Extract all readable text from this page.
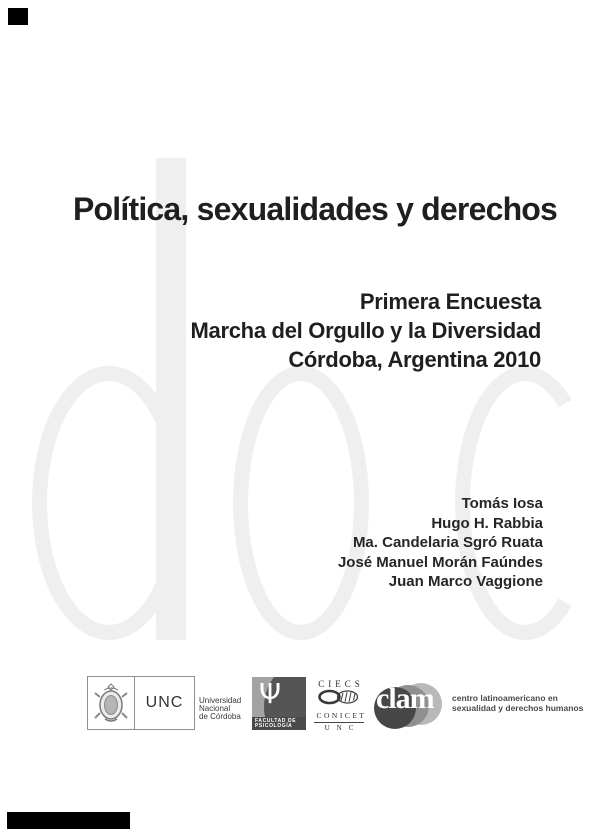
Política, sexualidades y derechos
Primera Encuesta
Marcha del Orgullo y la Diversidad
Córdoba, Argentina 2010
Tomás Iosa
Hugo H. Rabbia
Ma. Candelaria Sgró Ruata
José Manuel Morán Faúndes
Juan Marco Vaggione
UNC	Universidad
Nacional
de Córdoba
Ψ
FACULTAD DE
PSICOLOGÍA
CIECS
CONICET
UNC
clam centro latinoamericano en
sexualidad y derechos humanos
